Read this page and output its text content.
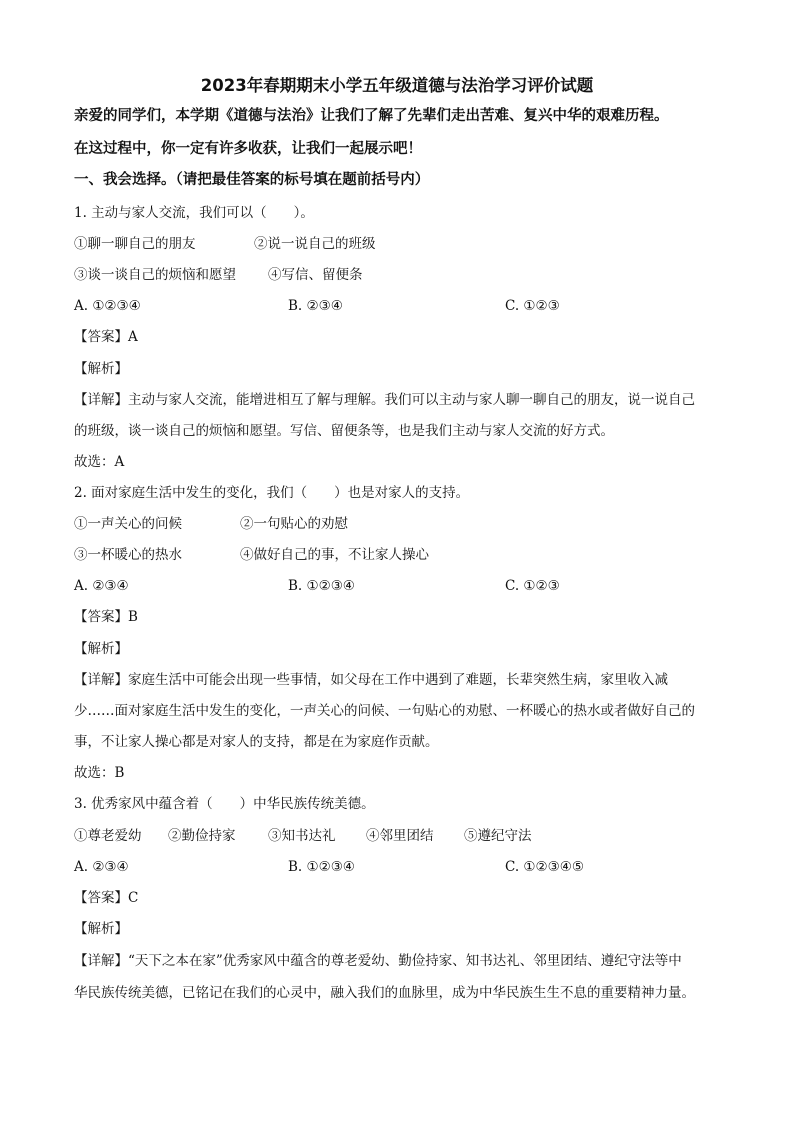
2023年春期期末小学五年级道德与法治学习评价试题
亲爱的同学们，本学期《道德与法治》让我们了解了先辈们走出苦难、复兴中华的艰难历程。
在这过程中，你一定有许多收获，让我们一起展示吧！
一、我会选择。（请把最佳答案的标号填在题前括号内）
1. 主动与家人交流，我们可以（　　）。
①聊一聊自己的朋友	②说一说自己的班级
③谈一谈自己的烦恼和愿望 ④写信、留便条
A. ①②③④	B. ②③④	C. ①②③
【答案】A
【解析】
【详解】主动与家人交流，能增进相互了解与理解。我们可以主动与家人聊一聊自己的朋友，说一说自己
的班级，谈一谈自己的烦恼和愿望。写信、留便条等，也是我们主动与家人交流的好方式。
故选：A
2. 面对家庭生活中发生的变化，我们（　　）也是对家人的支持。
①一声关心的问候	②一句贴心的劝慰
③一杯暖心的热水	④做好自己的事，不让家人操心
A. ②③④	B. ①②③④	C. ①②③
【答案】B
【解析】
【详解】家庭生活中可能会出现一些事情，如父母在工作中遇到了难题，长辈突然生病，家里收入减
少……面对家庭生活中发生的变化，一声关心的问候、一句贴心的劝慰、一杯暖心的热水或者做好自己的
事，不让家人操心都是对家人的支持，都是在为家庭作贡献。
故选：B
3. 优秀家风中蕴含着（　　）中华民族传统美德。
①尊老爱幼 ②勤俭持家 ③知书达礼 ④邻里团结 ⑤遵纪守法
A. ②③④	B. ①②③④	C. ①②③④⑤
【答案】C
【解析】
【详解】“天下之本在家”优秀家风中蕴含的尊老爱幼、勤俭持家、知书达礼、邻里团结、遵纪守法等中
华民族传统美德，已铭记在我们的心灵中，融入我们的血脉里，成为中华民族生生不息的重要精神力量。
